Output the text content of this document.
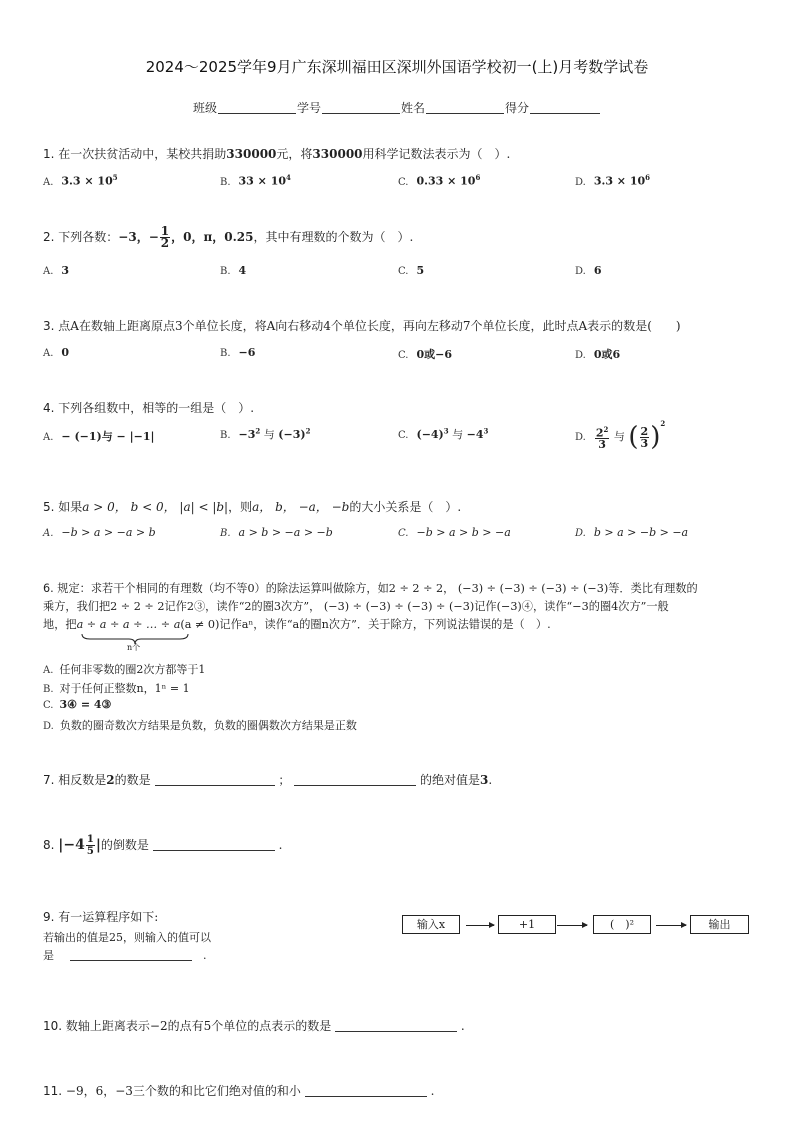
2024～2025学年9月广东深圳福田区深圳外国语学校初一(上)月考数学试卷
班级	学号	姓名	得分
1. 在一次扶贫活动中，某校共捐助330000元，将330000用科学记数法表示为（　）.
A. $3.3 \times 10^5$	B. $33 \times 10^4$	C. $0.33 \times 10^6$	D. $3.3 \times 10^6$
2. 下列各数：−3，− $\frac{1}{2}$ ，0，π，0.25，其中有理数的个数为（　）.
A. 3	B. 4	C. 5	D. 6
3. 点A在数轴上距离原点3个单位长度，将A向右移动4个单位长度，再向左移动7个单位长度，此时点A表示的数是(　　)
A. 0	B. −6	C. 0或−6	D. 0或6
4. 下列各组数中，相等的一组是（　）.
A. − (−1)与 − |−1|	B. $-3^2$ 与 $(-3)^2$	C. $(-4)^3$ 与 $-4^3$
D. $\frac{2^2}{3}$ 与 ( $\frac{2}{3} )^2$
5. 如果a > 0， b < 0， |a| < |b|，则a， b， −a， −b的大小关系是（　）.
A. −b > a > −a > b	B. a > b > −a > −b	C. −b > a > b > −a	D. b > a > −b > −a
6. 规定：求若干个相同的有理数（均不等0）的除法运算叫做除方，如2 ÷ 2 ÷ 2， (−3) ÷ (−3) ÷ (−3) ÷ (−3)等．类比有理数的
乘方，我们把2 ÷ 2 ÷ 2记作2③，读作“2的圈3次方”， (−3) ÷ (−3) ÷ (−3) ÷ (−3)记作(−3)④，读作“−3的圈4次方”一般
地，把a ÷ a ÷ a ÷ … ÷ a(a ≠ 0)记作aⁿ，读作“a的圈n次方”．关于除方，下列说法错误的是（　）.
n个
A. 任何非零数的圈2次方都等于1
B. 对于任何正整数n，1ⁿ = 1
C. 3④ = 4③
D. 负数的圈奇数次方结果是负数，负数的圈偶数次方结果是正数
7. 相反数是2的数是	；	的绝对值是3.
8. $|-4 \frac{1}{5}$ |的倒数是	.
9. 有一运算程序如下:
若输出的值是25，则输入的值可以
是	.
输入x	+1	(　)²	输出
10. 数轴上距离表示−2的点有5个单位的点表示的数是	.
11. −9，6，−3三个数的和比它们绝对值的和小	.
